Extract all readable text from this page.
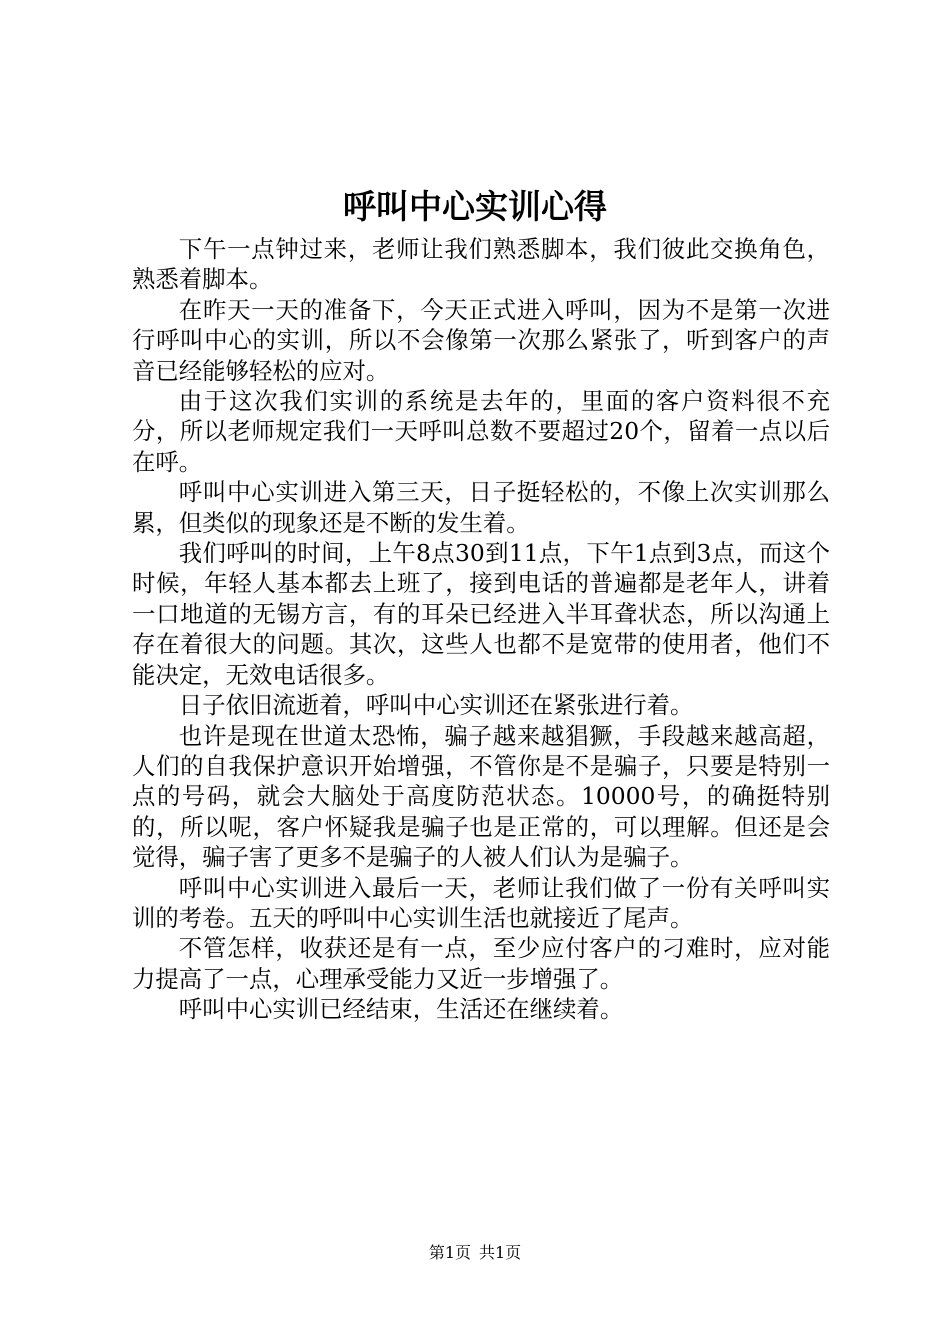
呼叫中心实训心得

下午一点钟过来，老师让我们熟悉脚本，我们彼此交换角色，熟悉着脚本。

在昨天一天的准备下，今天正式进入呼叫，因为不是第一次进行呼叫中心的实训，所以不会像第一次那么紧张了，听到客户的声音已经能够轻松的应对。

由于这次我们实训的系统是去年的，里面的客户资料很不充分，所以老师规定我们一天呼叫总数不要超过20个，留着一点以后在呼。

呼叫中心实训进入第三天，日子挺轻松的，不像上次实训那么累，但类似的现象还是不断的发生着。

我们呼叫的时间，上午8点30到11点，下午1点到3点，而这个时候，年轻人基本都去上班了，接到电话的普遍都是老年人，讲着一口地道的无锡方言，有的耳朵已经进入半耳聋状态，所以沟通上存在着很大的问题。其次，这些人也都不是宽带的使用者，他们不能决定，无效电话很多。

日子依旧流逝着，呼叫中心实训还在紧张进行着。

也许是现在世道太恐怖，骗子越来越猖獗，手段越来越高超，人们的自我保护意识开始增强，不管你是不是骗子，只要是特别一点的号码，就会大脑处于高度防范状态。10000号，的确挺特别的，所以呢，客户怀疑我是骗子也是正常的，可以理解。但还是会觉得，骗子害了更多不是骗子的人被人们认为是骗子。

呼叫中心实训进入最后一天，老师让我们做了一份有关呼叫实训的考卷。五天的呼叫中心实训生活也就接近了尾声。

不管怎样，收获还是有一点，至少应付客户的刁难时，应对能力提高了一点，心理承受能力又近一步增强了。

呼叫中心实训已经结束，生活还在继续着。

第1页 共1页
